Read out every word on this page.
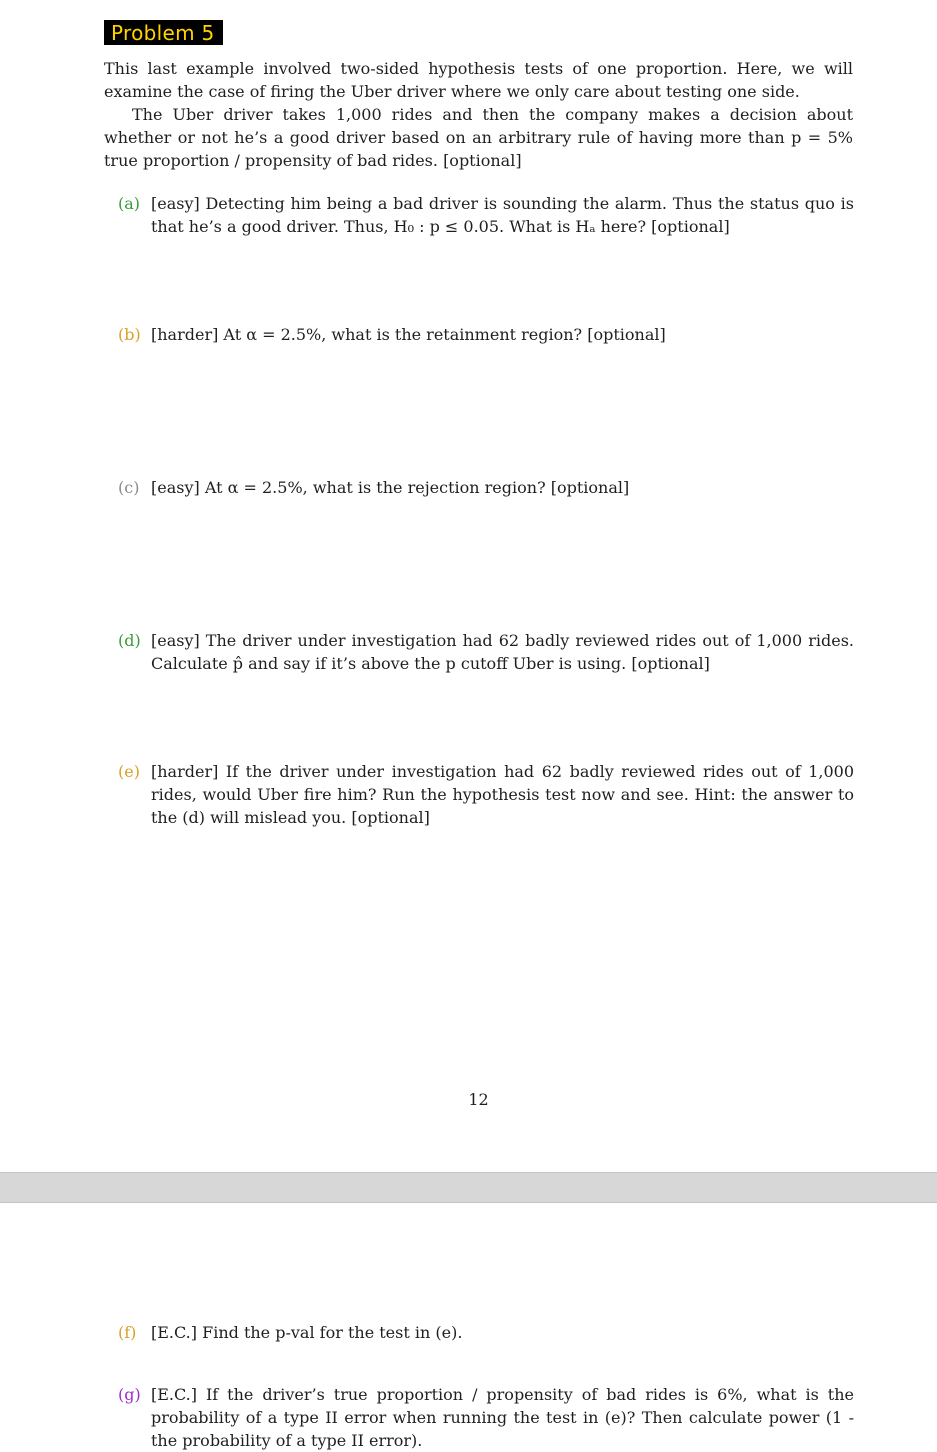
Problem 5

This last example involved two-sided hypothesis tests of one proportion. Here, we will examine the case of firing the Uber driver where we only care about testing one side.

The Uber driver takes 1,000 rides and then the company makes a decision about whether or not he’s a good driver based on an arbitrary rule of having more than p = 5% true proportion / propensity of bad rides. [optional]

(a) [easy] Detecting him being a bad driver is sounding the alarm. Thus the status quo is that he’s a good driver. Thus, H₀ : p ≤ 0.05. What is Hₐ here? [optional]
(b) [harder] At α = 2.5%, what is the retainment region? [optional]
(c) [easy] At α = 2.5%, what is the rejection region? [optional]
(d) [easy] The driver under investigation had 62 badly reviewed rides out of 1,000 rides. Calculate p̂ and say if it’s above the p cutoff Uber is using. [optional]
(e) [harder] If the driver under investigation had 62 badly reviewed rides out of 1,000 rides, would Uber fire him? Run the hypothesis test now and see. Hint: the answer to the (d) will mislead you. [optional]
12
(f) [E.C.] Find the p-val for the test in (e).
(g) [E.C.] If the driver’s true proportion / propensity of bad rides is 6%, what is the probability of a type II error when running the test in (e)? Then calculate power (1 - the probability of a type II error).
